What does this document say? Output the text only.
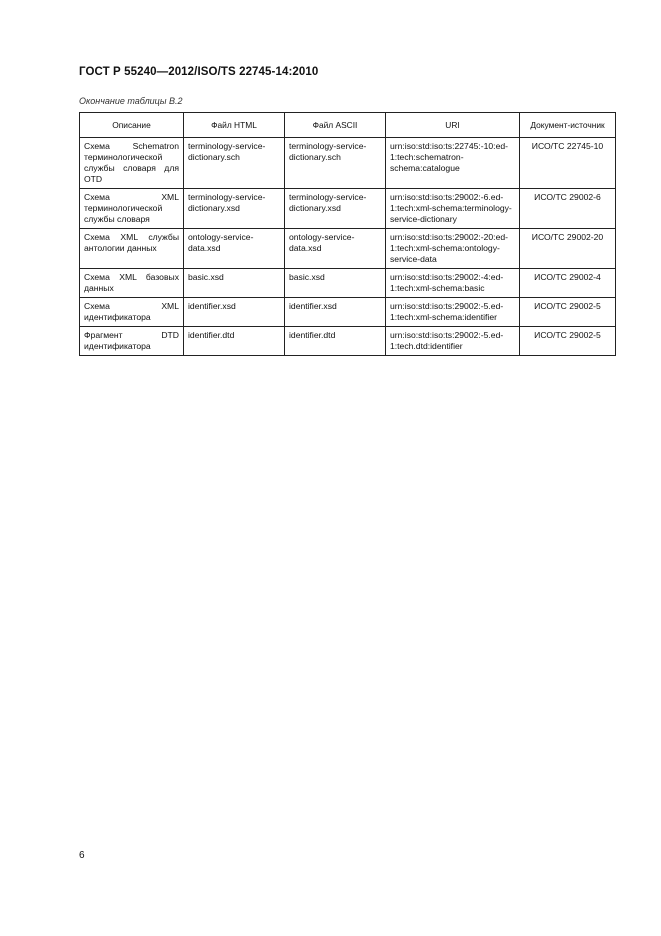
ГОСТ Р 55240—2012/ISO/TS 22745-14:2010
Окончание таблицы В.2
Описание	Файл HTML	Файл ASCII	URI	Документ-источник
Схема Schematron терминологической службы словаря для OTD	terminology-service-dictionary.sch	terminology-service-dictionary.sch	urn:iso:std:iso:ts:22745:-10:ed-1:tech:schematron-schema:catalogue	ИСО/ТС 22745-10
Схема XML терминологической службы словаря	terminology-service-dictionary.xsd	terminology-service-dictionary.xsd	urn:iso:std:iso:ts:29002:-6.ed-1:tech:xml-schema:terminology-service-dictionary	ИСО/ТС 29002-6
Схема XML службы антологии данных	ontology-service-data.xsd	ontology-service-data.xsd	urn:iso:std:iso:ts:29002:-20:ed-1:tech:xml-schema:ontology-service-data	ИСО/ТС 29002-20
Схема XML базовых данных	basic.xsd	basic.xsd	urn:iso:std:iso:ts:29002:-4:ed-1:tech:xml-schema:basic	ИСО/ТС 29002-4
Схема XML идентификатора	identifier.xsd	identifier.xsd	urn:iso:std:iso:ts:29002:-5.ed-1:tech:xml-schema:identifier	ИСО/ТС 29002-5
Фрагмент DTD идентификатора	identifier.dtd	identifier.dtd	urn:iso:std:iso:ts:29002:-5.ed-1:tech.dtd:identifier	ИСО/ТС 29002-5
6
